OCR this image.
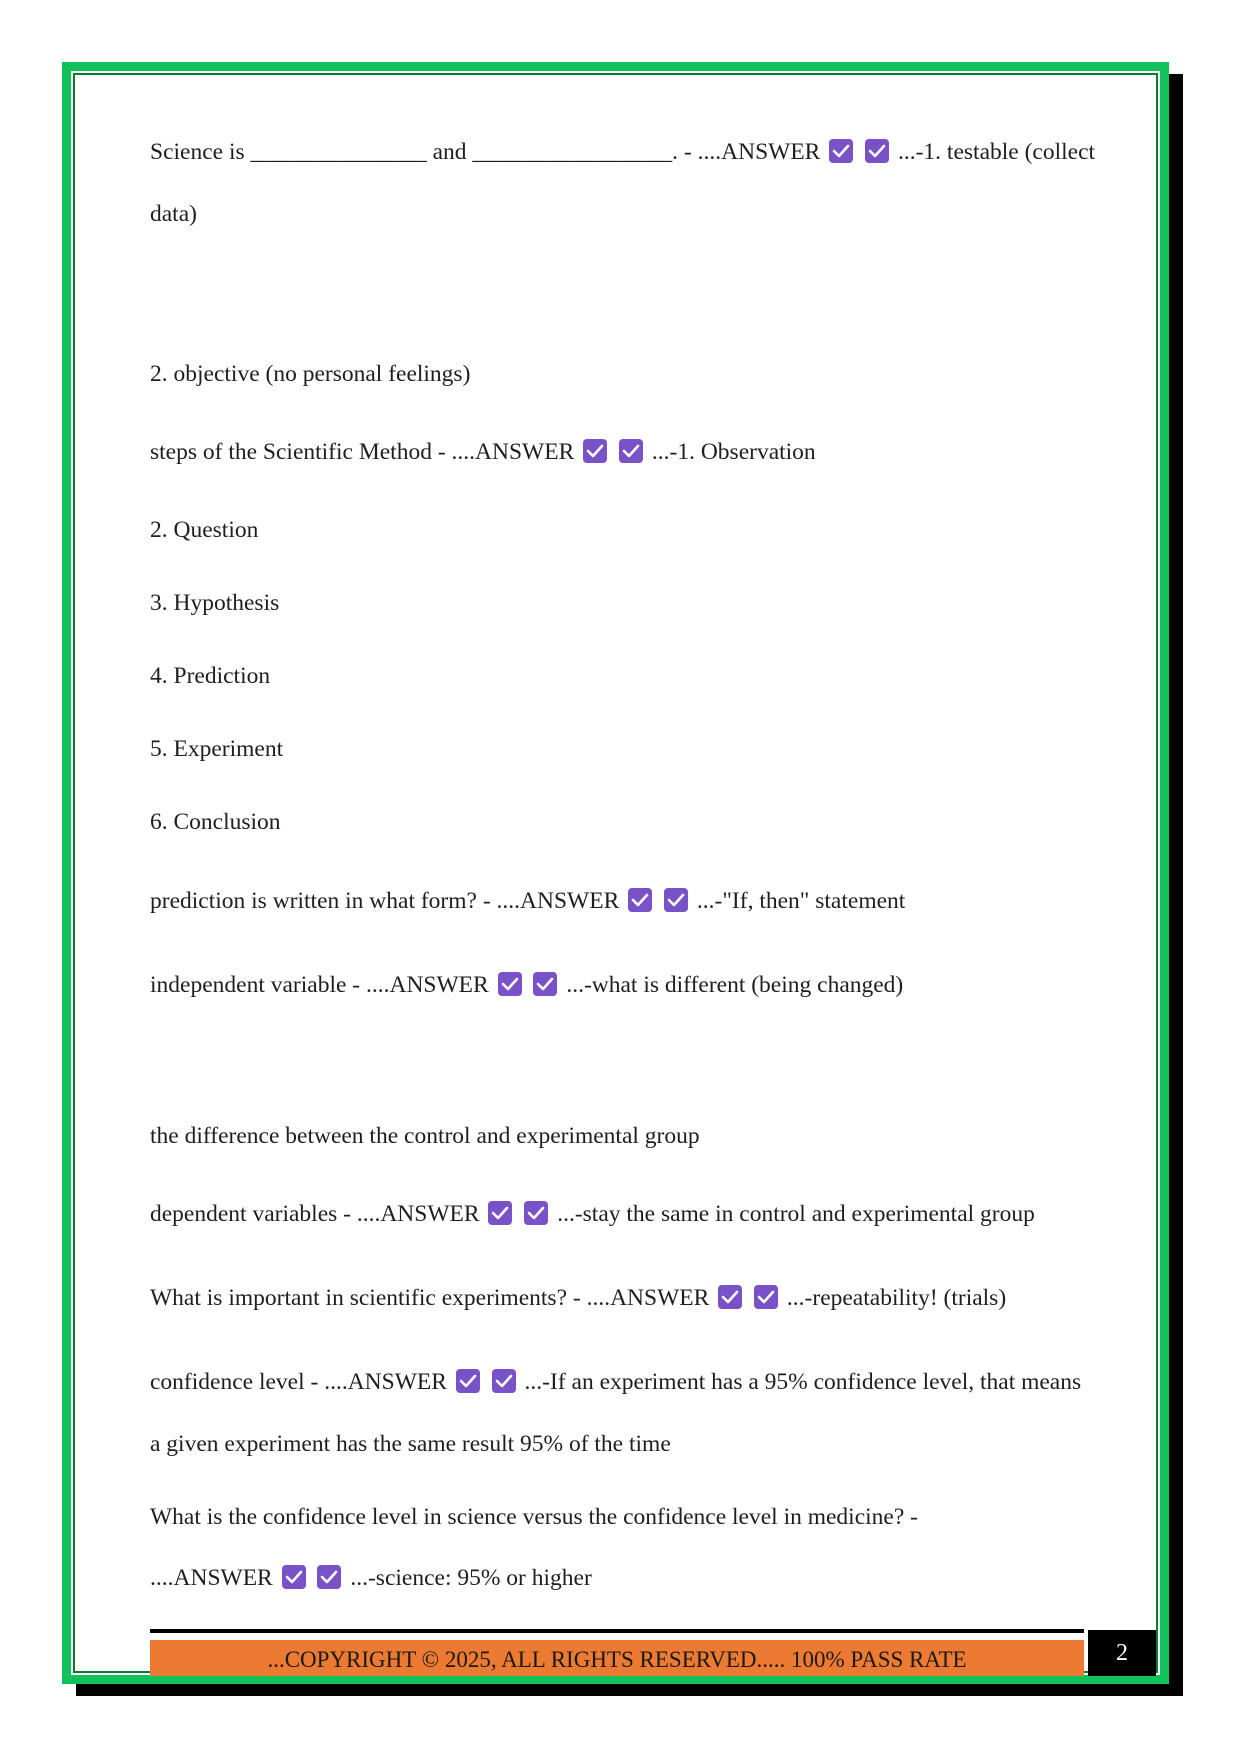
Science is _______________ and _________________. - ....ANSWER
	...-1. testable (collect
data)
2. objective (no personal feelings)
steps of the Scientific Method - ....ANSWER
	...-1. Observation
2. Question
3. Hypothesis
4. Prediction
5. Experiment
6. Conclusion
prediction is written in what form? - ....ANSWER
	...-"If, then" statement
independent variable - ....ANSWER
	...-what is different (being changed)
the difference between the control and experimental group
dependent variables - ....ANSWER
	...-stay the same in control and experimental group
What is important in scientific experiments? - ....ANSWER
	...-repeatability! (trials)
confidence level - ....ANSWER
	...-If an experiment has a 95% confidence level, that means
a given experiment has the same result 95% of the time
What is the confidence level in science versus the confidence level in medicine? -
....ANSWER
	...-science: 95% or higher
...COPYRIGHT © 2025, ALL RIGHTS RESERVED..... 100% PASS RATE	2
